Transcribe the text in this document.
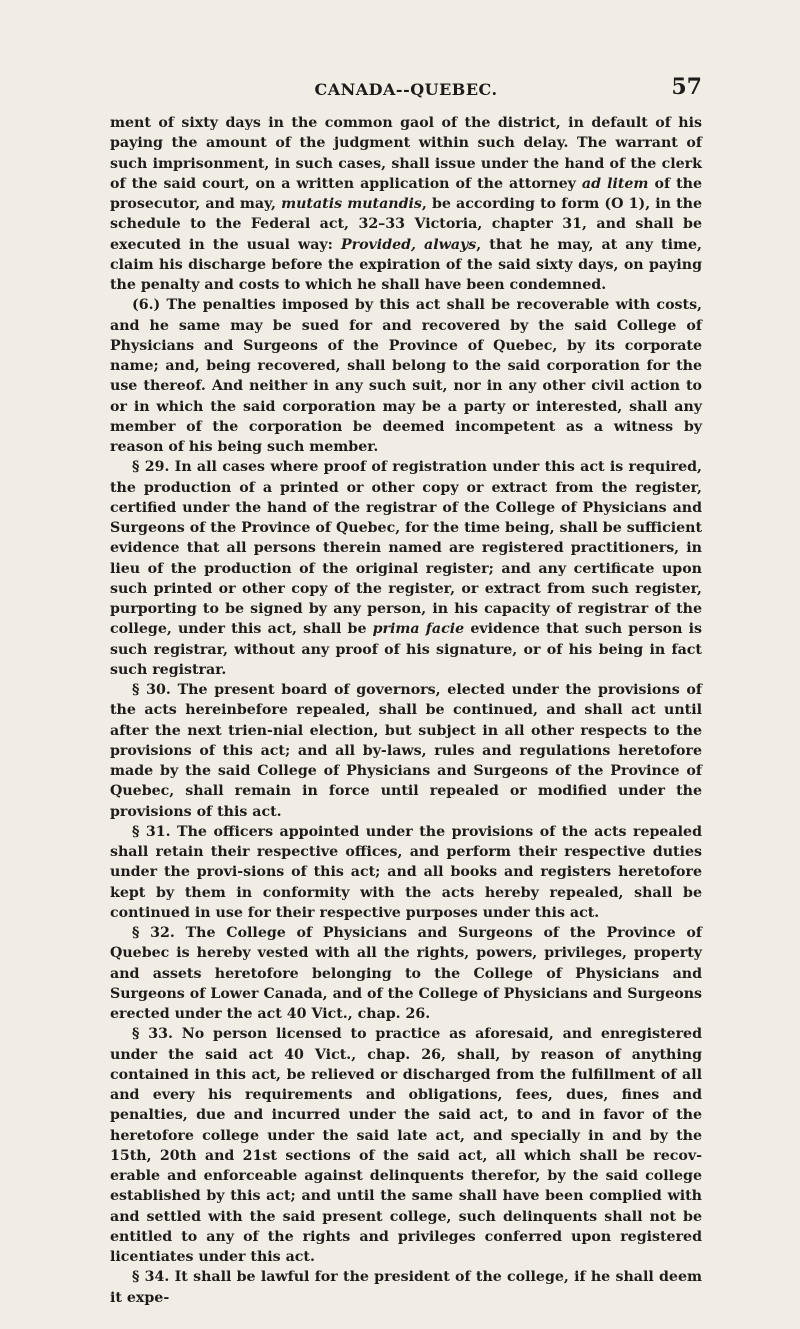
CANADA--QUEBEC.	57

ment of sixty days in the common gaol of the district, in default of his paying the amount of the judgment within such delay. The warrant of such imprisonment, in such cases, shall issue under the hand of the clerk of the said court, on a written application of the attorney ad litem of the prosecutor, and may, mutatis mutandis, be according to form (O 1), in the schedule to the Federal act, 32–33 Victoria, chapter 31, and shall be executed in the usual way: Provided, always, that he may, at any time, claim his discharge before the expiration of the said sixty days, on paying the penalty and costs to which he shall have been condemned.

(6.) The penalties imposed by this act shall be recoverable with costs, and he same may be sued for and recovered by the said College of Physicians and Surgeons of the Province of Quebec, by its corporate name; and, being recovered, shall belong to the said corporation for the use thereof. And neither in any such suit, nor in any other civil action to or in which the said corporation may be a party or interested, shall any member of the corporation be deemed incompetent as a witness by reason of his being such member.

§ 29. In all cases where proof of registration under this act is required, the production of a printed or other copy or extract from the register, certified under the hand of the registrar of the College of Physicians and Surgeons of the Province of Quebec, for the time being, shall be sufficient evidence that all persons therein named are registered practitioners, in lieu of the production of the original register; and any certificate upon such printed or other copy of the register, or extract from such register, purporting to be signed by any person, in his capacity of registrar of the college, under this act, shall be prima facie evidence that such person is such registrar, without any proof of his signature, or of his being in fact such registrar.

§ 30. The present board of governors, elected under the provisions of the acts hereinbefore repealed, shall be continued, and shall act until after the next trien-nial election, but subject in all other respects to the provisions of this act; and all by-laws, rules and regulations heretofore made by the said College of Physicians and Surgeons of the Province of Quebec, shall remain in force until repealed or modified under the provisions of this act.

§ 31. The officers appointed under the provisions of the acts repealed shall retain their respective offices, and perform their respective duties under the provi-sions of this act; and all books and registers heretofore kept by them in conformity with the acts hereby repealed, shall be continued in use for their respective purposes under this act.

§ 32. The College of Physicians and Surgeons of the Province of Quebec is hereby vested with all the rights, powers, privileges, property and assets heretofore belonging to the College of Physicians and Surgeons of Lower Canada, and of the College of Physicians and Surgeons erected under the act 40 Vict., chap. 26.

§ 33. No person licensed to practice as aforesaid, and enregistered under the said act 40 Vict., chap. 26, shall, by reason of anything contained in this act, be relieved or discharged from the fulfillment of all and every his requirements and obligations, fees, dues, fines and penalties, due and incurred under the said act, to and in favor of the heretofore college under the said late act, and specially in and by the 15th, 20th and 21st sections of the said act, all which shall be recov-erable and enforceable against delinquents therefor, by the said college established by this act; and until the same shall have been complied with and settled with the said present college, such delinquents shall not be entitled to any of the rights and privileges conferred upon registered licentiates under this act.

§ 34. It shall be lawful for the president of the college, if he shall deem it expe-
